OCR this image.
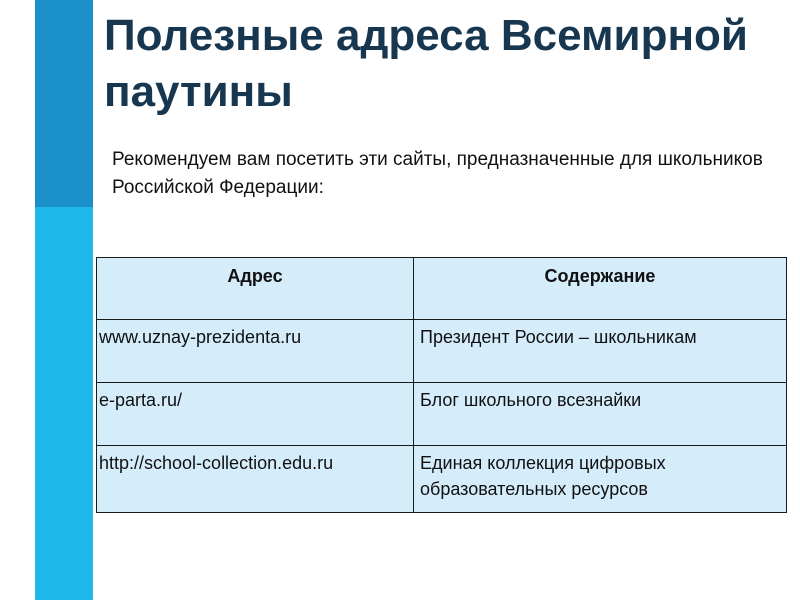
Полезные адреса Всемирной паутины

Рекомендуем вам посетить эти сайты, предназначенные для школьников Российской Федерации:

Адрес	Содержание
www.uznay-prezidenta.ru	Президент России – школьникам
e-parta.ru/	Блог школьного всезнайки
http://school-collection.edu.ru	Единая коллекция цифровых образовательных ресурсов
